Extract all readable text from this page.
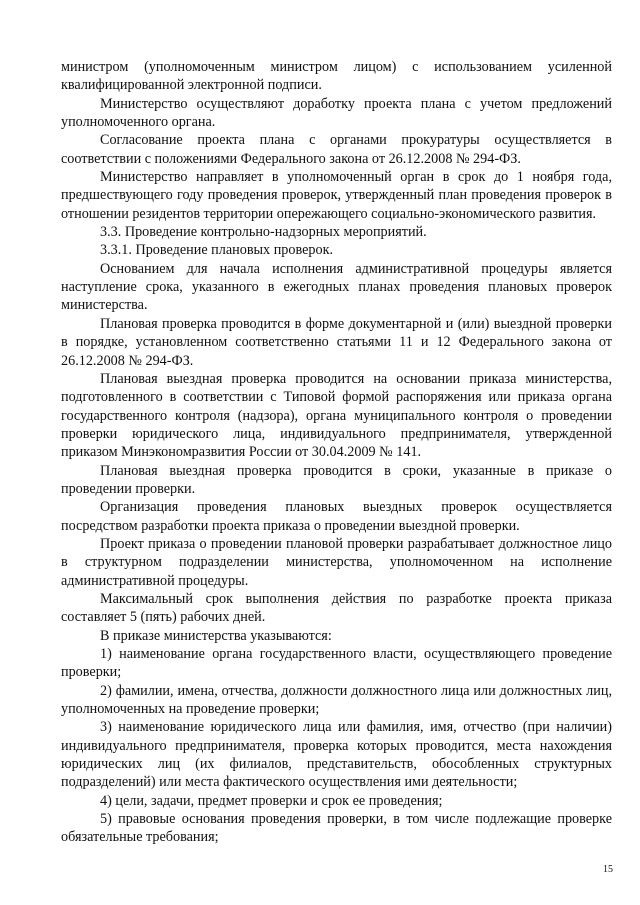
министром (уполномоченным министром лицом) с использованием усиленной квалифицированной электронной подписи.

Министерство осуществляют доработку проекта плана с учетом предложений уполномоченного органа.

Согласование проекта плана с органами прокуратуры осуществляется в соответствии с положениями Федерального закона от 26.12.2008 № 294-ФЗ.

Министерство направляет в уполномоченный орган в срок до 1 ноября года, предшествующего году проведения проверок, утвержденный план проведения проверок в отношении резидентов территории опережающего социально-экономического развития.

3.3. Проведение контрольно-надзорных мероприятий.

3.3.1. Проведение плановых проверок.

Основанием для начала исполнения административной процедуры является наступление срока, указанного в ежегодных планах проведения плановых проверок министерства.

Плановая проверка проводится в форме документарной и (или) выездной проверки в порядке, установленном соответственно статьями 11 и 12 Федерального закона от 26.12.2008 № 294-ФЗ.

Плановая выездная проверка проводится на основании приказа министерства, подготовленного в соответствии с Типовой формой распоряжения или приказа органа государственного контроля (надзора), органа муниципального контроля о проведении проверки юридического лица, индивидуального предпринимателя, утвержденной приказом Минэкономразвития России от 30.04.2009 № 141.

Плановая выездная проверка проводится в сроки, указанные в приказе о проведении проверки.

Организация проведения плановых выездных проверок осуществляется посредством разработки проекта приказа о проведении выездной проверки.

Проект приказа о проведении плановой проверки разрабатывает должностное лицо в структурном подразделении министерства, уполномоченном на исполнение административной процедуры.

Максимальный срок выполнения действия по разработке проекта приказа составляет 5 (пять) рабочих дней.

В приказе министерства указываются:

1) наименование органа государственного власти, осуществляющего проведение проверки;

2) фамилии, имена, отчества, должности должностного лица или должностных лиц, уполномоченных на проведение проверки;

3) наименование юридического лица или фамилия, имя, отчество (при наличии) индивидуального предпринимателя, проверка которых проводится, места нахождения юридических лиц (их филиалов, представительств, обособленных структурных подразделений) или места фактического осуществления ими деятельности;

4) цели, задачи, предмет проверки и срок ее проведения;

5) правовые основания проведения проверки, в том числе подлежащие проверке обязательные требования;

15
